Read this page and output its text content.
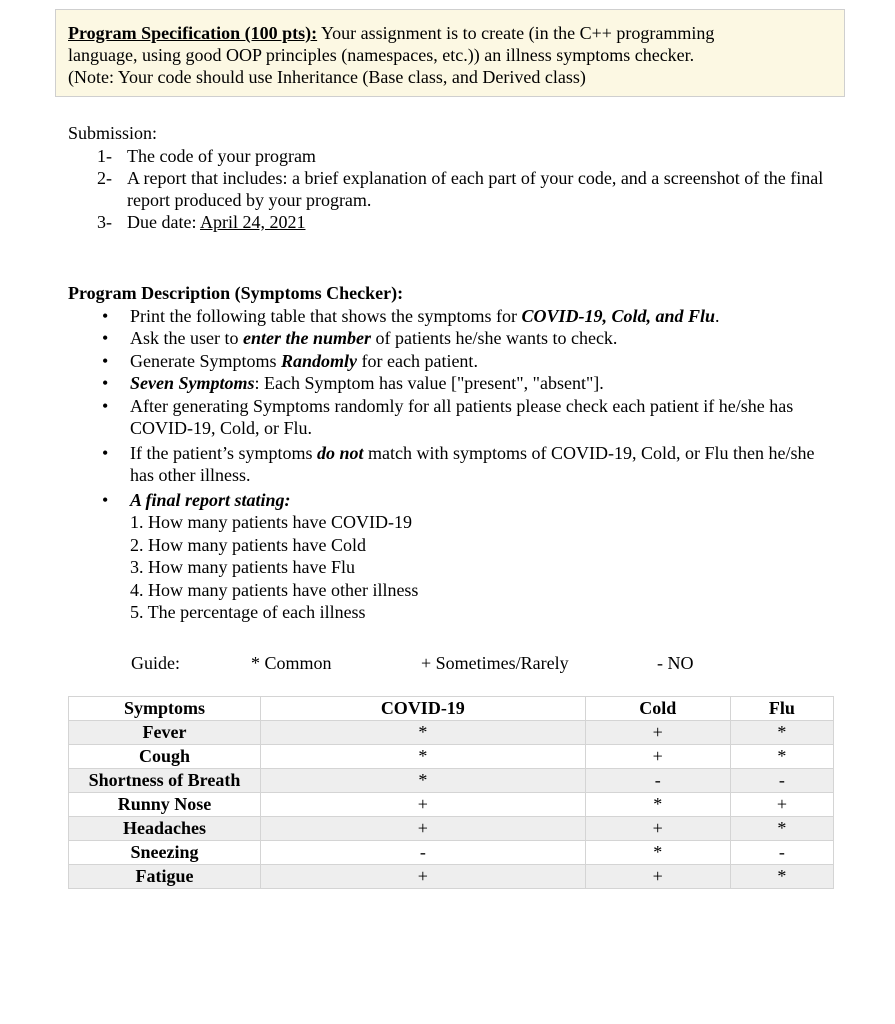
Program Specification (100 pts): Your assignment is to create (in the C++ programming
language, using good OOP principles (namespaces, etc.)) an illness symptoms checker.
(Note: Your code should use Inheritance (Base class, and Derived class)
Submission:
1- The code of your program
2- A report that includes: a brief explanation of each part of your code, and a screenshot of the final report produced by your program.
3- Due date: April 24, 2021
Program Description (Symptoms Checker):
•	Print the following table that shows the symptoms for COVID-19, Cold, and Flu.
•	Ask the user to enter the number of patients he/she wants to check.
•	Generate Symptoms Randomly for each patient.
•	Seven Symptoms: Each Symptom has value ["present", "absent"].
•	After generating Symptoms randomly for all patients please check each patient if he/she has COVID-19, Cold, or Flu.
•	If the patient’s symptoms do not match with symptoms of COVID-19, Cold, or Flu then he/she has other illness.
•	A final report stating:
1. How many patients have COVID-19
2. How many patients have Cold
3. How many patients have Flu
4. How many patients have other illness
5. The percentage of each illness
Guide:	* Common	+ Sometimes/Rarely	- NO
Symptoms	COVID-19	Cold	Flu
Fever	*	+	*
Cough	*	+	*
Shortness of Breath	*	-	-
Runny Nose	+	*	+
Headaches	+	+	*
Sneezing	-	*	-
Fatigue	+	+	*
